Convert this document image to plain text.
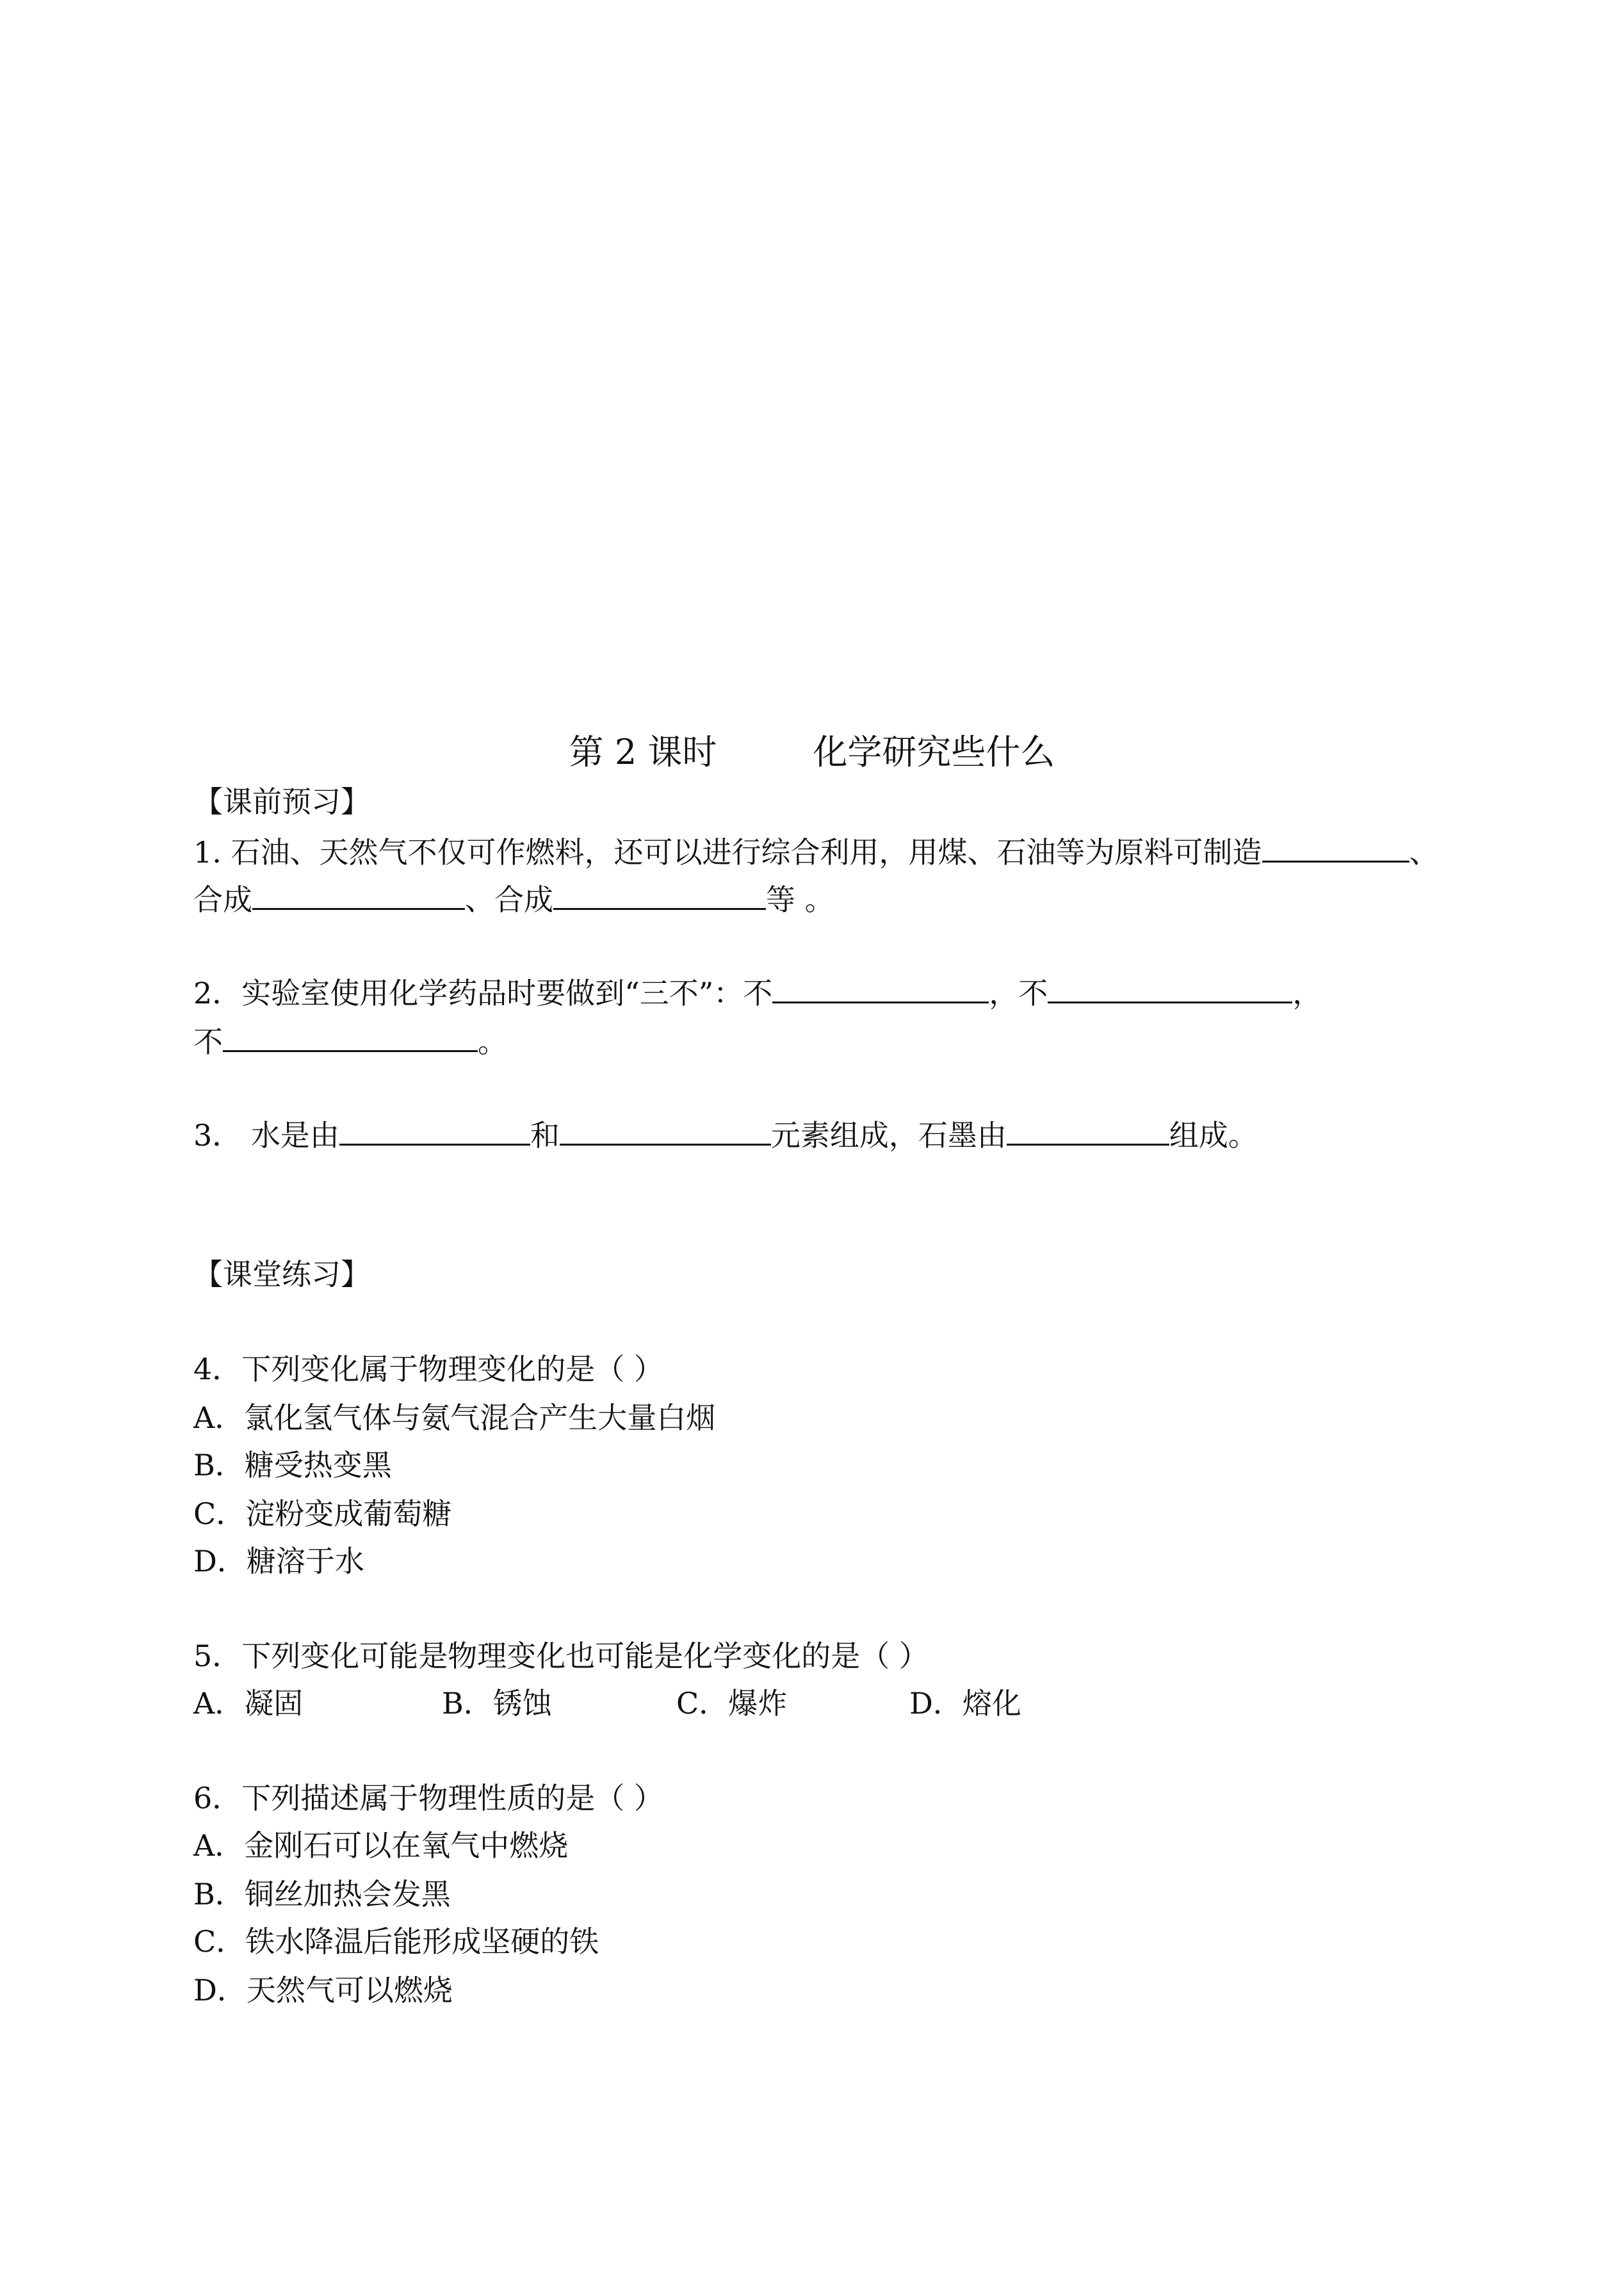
第 2 课时	化学研究些什么
【课前预习】
1. 石油、天然气不仅可作燃料，还可以进行综合利用，用煤、石油等为原料可制造	、
合成	、合成	等 。
2．实验室使用化学药品时要做到“三不”：不	，不	，
不	。
3． 水是由	和	元素组成，石墨由	组成。
【课堂练习】
4．下列变化属于物理变化的是（ ）
A．氯化氢气体与氨气混合产生大量白烟
B．糖受热变黑
C．淀粉变成葡萄糖
D．糖溶于水
5．下列变化可能是物理变化也可能是化学变化的是（ ）
A．凝固	B．锈蚀	C．爆炸	D．熔化
6．下列描述属于物理性质的是（ ）
A．金刚石可以在氧气中燃烧
B．铜丝加热会发黑
C．铁水降温后能形成坚硬的铁
D．天然气可以燃烧
